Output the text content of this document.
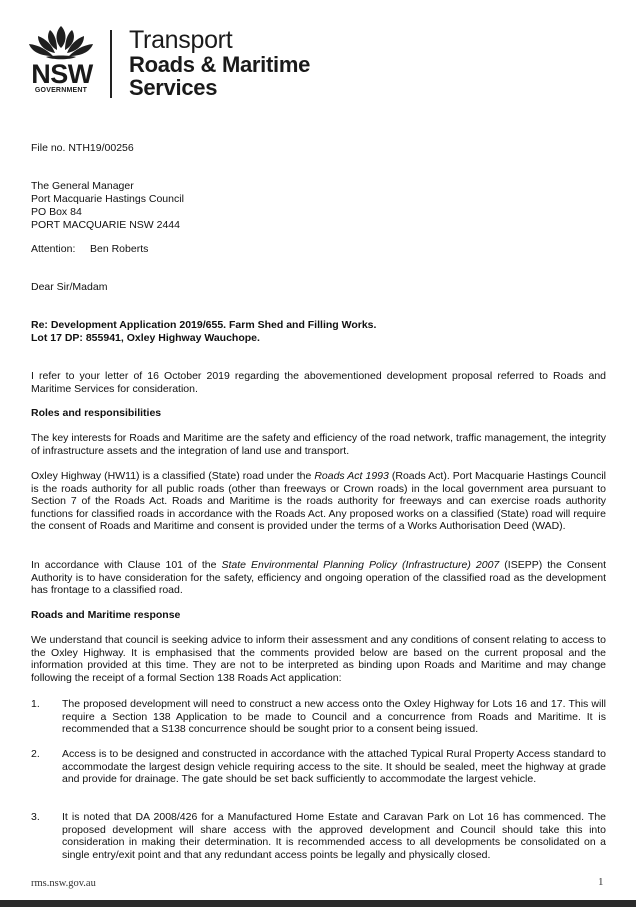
NSW
GOVERNMENT
Transport
Roads & Maritime
Services
File no. NTH19/00256
The General Manager
Port Macquarie Hastings Council
PO Box 84
PORT MACQUARIE NSW 2444
Attention: Ben Roberts
Dear Sir/Madam
Re: Development Application 2019/655. Farm Shed and Filling Works.
Lot 17 DP: 855941, Oxley Highway Wauchope.
I refer to your letter of 16 October 2019 regarding the abovementioned development proposal referred to Roads and Maritime Services for consideration.
Roles and responsibilities
The key interests for Roads and Maritime are the safety and efficiency of the road network, traffic management, the integrity of infrastructure assets and the integration of land use and transport.
Oxley Highway (HW11) is a classified (State) road under the Roads Act 1993 (Roads Act). Port Macquarie Hastings Council is the roads authority for all public roads (other than freeways or Crown roads) in the local government area pursuant to Section 7 of the Roads Act. Roads and Maritime is the roads authority for freeways and can exercise roads authority functions for classified roads in accordance with the Roads Act. Any proposed works on a classified (State) road will require the consent of Roads and Maritime and consent is provided under the terms of a Works Authorisation Deed (WAD).
In accordance with Clause 101 of the State Environmental Planning Policy (Infrastructure) 2007 (ISEPP) the Consent Authority is to have consideration for the safety, efficiency and ongoing operation of the classified road as the development has frontage to a classified road.
Roads and Maritime response
We understand that council is seeking advice to inform their assessment and any conditions of consent relating to access to the Oxley Highway. It is emphasised that the comments provided below are based on the current proposal and the information provided at this time. They are not to be interpreted as binding upon Roads and Maritime and may change following the receipt of a formal Section 138 Roads Act application:
1. The proposed development will need to construct a new access onto the Oxley Highway for Lots 16 and 17. This will require a Section 138 Application to be made to Council and a concurrence from Roads and Maritime. It is recommended that a S138 concurrence should be sought prior to a consent being issued.
2. Access is to be designed and constructed in accordance with the attached Typical Rural Property Access standard to accommodate the largest design vehicle requiring access to the site. It should be sealed, meet the highway at grade and provide for drainage. The gate should be set back sufficiently to accommodate the largest vehicle.
3. It is noted that DA 2008/426 for a Manufactured Home Estate and Caravan Park on Lot 16 has commenced. The proposed development will share access with the approved development and Council should take this into consideration in making their determination. It is recommended access to all developments be consolidated on a single entry/exit point and that any redundant access points be legally and physically closed.
rms.nsw.gov.au	1
